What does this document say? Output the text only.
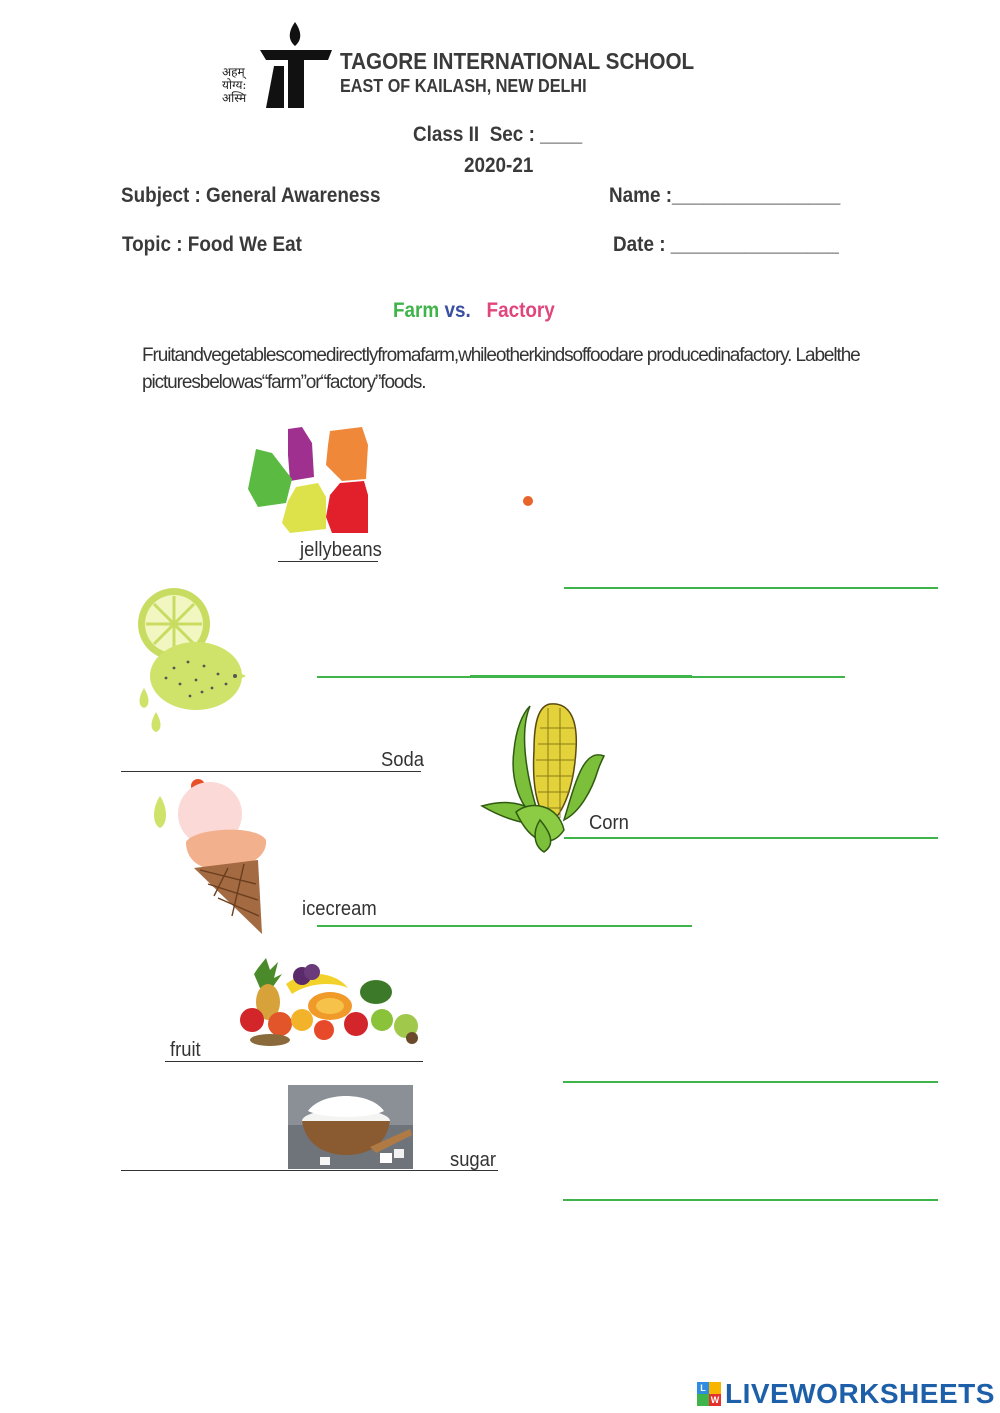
अहम्
योग्य:
अस्मि
TAGORE INTERNATIONAL SCHOOL
EAST OF KAILASH, NEW DELHI
Class II  Sec : ____
2020-21
Subject : General Awareness	Name :________________
Topic : Food We Eat	Date : ________________
Farm vs. Factory
Fruitandvegetablescomedirectlyfromafarm,whileotherkindsoffoodare producedinafactory. Labelthe
picturesbelowas“farm”or“factory”foods.
jellybeans
Soda
Corn
icecream
fruit
sugar
L
W LIVEWORKSHEETS
